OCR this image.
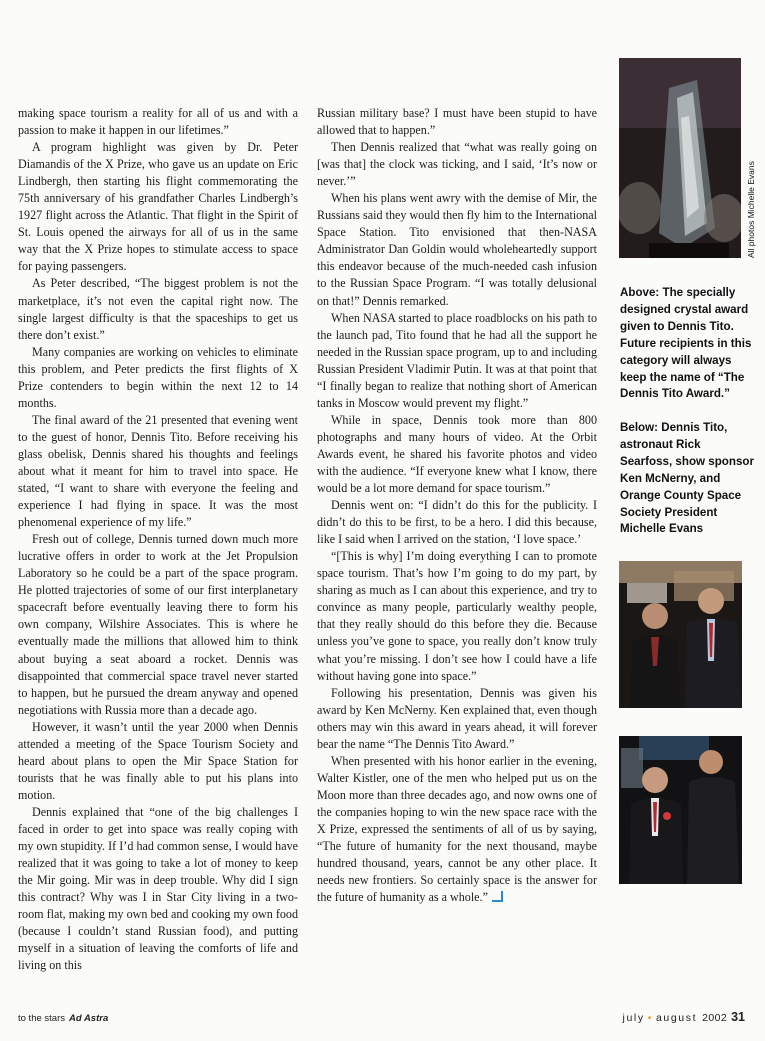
making space tourism a reality for all of us and with a passion to make it happen in our lifetimes.”

A program highlight was given by Dr. Peter Diamandis of the X Prize, who gave us an update on Eric Lindbergh, then starting his flight commemorating the 75th anniversary of his grandfather Charles Lindbergh’s 1927 flight across the Atlantic. That flight in the Spirit of St. Louis opened the airways for all of us in the same way that the X Prize hopes to stimulate access to space for paying passengers.

As Peter described, “The biggest problem is not the marketplace, it’s not even the capital right now. The single largest difficulty is that the spaceships to get us there don’t exist.”

Many companies are working on vehicles to eliminate this problem, and Peter predicts the first flights of X Prize contenders to begin within the next 12 to 14 months.

The final award of the 21 presented that evening went to the guest of honor, Dennis Tito. Before receiving his glass obelisk, Dennis shared his thoughts and feelings about what it meant for him to travel into space. He stated, “I want to share with everyone the feeling and experience I had flying in space. It was the most phenomenal experience of my life.”

Fresh out of college, Dennis turned down much more lucrative offers in order to work at the Jet Propulsion Laboratory so he could be a part of the space program. He plotted trajectories of some of our first interplanetary spacecraft before eventually leaving there to form his own company, Wilshire Associates. This is where he eventually made the millions that allowed him to think about buying a seat aboard a rocket. Dennis was disappointed that commercial space travel never started to happen, but he pursued the dream anyway and opened negotiations with Russia more than a decade ago.

However, it wasn’t until the year 2000 when Dennis attended a meeting of the Space Tourism Society and heard about plans to open the Mir Space Station for tourists that he was finally able to put his plans into motion.

Dennis explained that “one of the big challenges I faced in order to get into space was really coping with my own stupidity. If I’d had common sense, I would have realized that it was going to take a lot of money to keep the Mir going. Mir was in deep trouble. Why did I sign this contract? Why was I in Star City living in a two-room flat, making my own bed and cooking my own food (because I couldn’t stand Russian food), and putting myself in a situation of leaving the comforts of life and living on this

Russian military base? I must have been stupid to have allowed that to happen.”

Then Dennis realized that “what was really going on [was that] the clock was ticking, and I said, ‘It’s now or never.’”

When his plans went awry with the demise of Mir, the Russians said they would then fly him to the International Space Station. Tito envisioned that then-NASA Administrator Dan Goldin would wholeheartedly support this endeavor because of the much-needed cash infusion to the Russian Space Program. “I was totally delusional on that!” Dennis remarked.

When NASA started to place roadblocks on his path to the launch pad, Tito found that he had all the support he needed in the Russian space program, up to and including Russian President Vladimir Putin. It was at that point that “I finally began to realize that nothing short of American tanks in Moscow would prevent my flight.”

While in space, Dennis took more than 800 photographs and many hours of video. At the Orbit Awards event, he shared his favorite photos and video with the audience. “If everyone knew what I know, there would be a lot more demand for space tourism.”

Dennis went on: “I didn’t do this for the publicity. I didn’t do this to be first, to be a hero. I did this because, like I said when I arrived on the station, ‘I love space.’

“[This is why] I’m doing everything I can to promote space tourism. That’s how I’m going to do my part, by sharing as much as I can about this experience, and try to convince as many people, particularly wealthy people, that they really should do this before they die. Because unless you’ve gone to space, you really don’t know truly what you’re missing. I don’t see how I could have a life without having gone into space.”

Following his presentation, Dennis was given his award by Ken McNerny. Ken explained that, even though others may win this award in years ahead, it will forever bear the name “The Dennis Tito Award.”

When presented with his honor earlier in the evening, Walter Kistler, one of the men who helped put us on the Moon more than three decades ago, and now owns one of the companies hoping to win the new space race with the X Prize, expressed the sentiments of all of us by saying, “The future of humanity for the next thousand, maybe hundred thousand, years, cannot be any other place. It needs new frontiers. So certainly space is the answer for the future of humanity as a whole.”

All photos Michelle Evans
Above: The specially designed crystal award given to Dennis Tito. Future recipients in this category will always keep the name of “The Dennis Tito Award.”
Below: Dennis Tito, astronaut Rick Searfoss, show sponsor Ken McNerny, and Orange County Space Society President Michelle Evans
to the stars Ad Astra	july • august 2002 31
